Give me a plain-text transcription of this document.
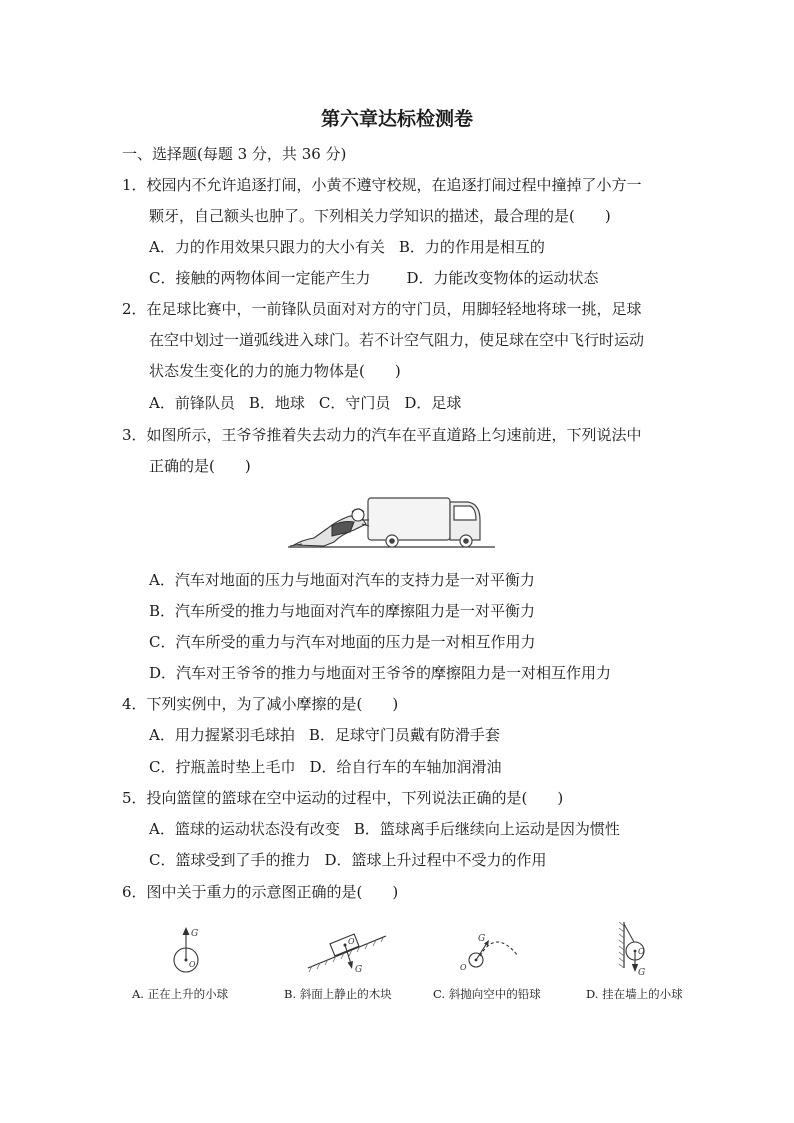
第六章达标检测卷
一、选择题(每题 3 分，共 36 分)
1．校园内不允许追逐打闹，小黄不遵守校规，在追逐打闹过程中撞掉了小方一
颗牙，自己额头也肿了。下列相关力学知识的描述，最合理的是(　　)
A．力的作用效果只跟力的大小有关 B．力的作用是相互的
C．接触的两物体间一定能产生力 D．力能改变物体的运动状态
2．在足球比赛中，一前锋队员面对对方的守门员，用脚轻轻地将球一挑，足球
在空中划过一道弧线进入球门。若不计空气阻力，使足球在空中飞行时运动
状态发生变化的力的施力物体是(　　)
A．前锋队员 B．地球 C．守门员 D．足球
3．如图所示，王爷爷推着失去动力的汽车在平直道路上匀速前进，下列说法中
正确的是(　　)
A．汽车对地面的压力与地面对汽车的支持力是一对平衡力
B．汽车所受的推力与地面对汽车的摩擦阻力是一对平衡力
C．汽车所受的重力与汽车对地面的压力是一对相互作用力
D．汽车对王爷爷的推力与地面对王爷爷的摩擦阻力是一对相互作用力
4．下列实例中，为了减小摩擦的是(　　)
A．用力握紧羽毛球拍 B．足球守门员戴有防滑手套
C．拧瓶盖时垫上毛巾 D．给自行车的车轴加润滑油
5．投向篮筐的篮球在空中运动的过程中，下列说法正确的是(　　)
A．篮球的运动状态没有改变 B．篮球离手后继续向上运动是因为惯性
C．篮球受到了手的推力 D．篮球上升过程中不受力的作用
6．图中关于重力的示意图正确的是(　　)
G
O
A. 正在上升的小球
O
G
B. 斜面上静止的木块
G
O
C. 斜抛向空中的铅球
O
G
D. 挂在墙上的小球
